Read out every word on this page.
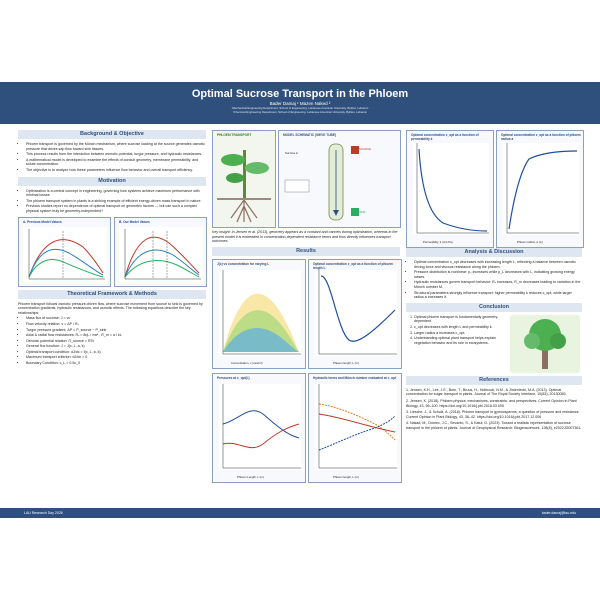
Optimal Sucrose Transport in the Phloem
Bader Damaj ¹ Mazen Naked ²
¹Mechanical Engineering Department, School of Engineering, Lebanese American University, Byblos, Lebanon
²Chemical Engineering Department, School of Engineering, Lebanese American University, Byblos, Lebanon
Background & Objective
• Phloem transport is governed by the Münch mechanism, where sucrose loading at the source generates osmotic pressure that drives sap flow toward sink tissues.
• This process results from the interaction between osmotic potential, turgor pressure, and hydraulic resistances.
• A mathematical model is developed to examine the effects of conduit geometry, membrane permeability, and solute concentration.
• The objective is to analyze how these parameters influence flow behavior and overall transport efficiency.
Motivation
• Optimization is a central concept in engineering, governing how systems achieve maximum performance with minimal losses.
• The phloem transport system in plants is a striking example of efficient energy-driven mass transport in nature.
• Previous studies report no dependence of optimal transport on geometric factors — but can such a complex physical system truly be geometry-independent?
A. Previous Model Values	B. Our Model Values
Theoretical Framework & Methods
Phloem transport follows osmotic pressure-driven flow, where sucrose movement from source to sink is governed by concentration gradients, hydraulic resistances, and osmotic effects. The following equations describe the key relationships:
• Mass flux of sucrose: J = vc
• Flow velocity relation: v = ΔP / Rₓ
• Turgor pressure gradient: ΔP = P_source − P_sink
• Axial & radial flow resistances: Rₓ = 8ηL / πa⁴ , R_m = a / kL
• Osmotic potential relation: Π_source = RTc
• General flux function: J = J(c, L, a, k)
• Optimal transport condition: dJ/dc = f(c, L, a, k)
• Maximum transport criterion: dJ/dc = 0
• Boundary Condition: c_L = 0.5c_0
PHLOEM TRANSPORT	MODEL SCHEMATIC (SIEVE TUBE)
SOURCE
SINK
Sucrose in
Key insight: In Jensen et al. (2013), geometry appears as a constant and cancels during optimization, whereas in the present model it is embedded in concentration-dependent resistance terms and thus directly influences transport outcomes.
Results
J(c) vs concentration for varying L
Concentration, c (mol/m³)
Optimal concentration c_opt as a function of phloem length L
Phloem length, L (m)
Pressures at c_opt(L)
Phloem Length, L (m)
Hydraulic terms and Münch number evaluated at c_opt
Phloem length, L (m)
Optimal concentration c_opt as a function of permeability k
Permeability, k (m/s·Pa)
Optimal concentration c_opt as a function of phloem radius a
Phloem radius, a (m)
Analysis & Discussion
• Optimal concentration c_opt decreases with increasing length L, reflecting a balance between osmotic driving force and viscous resistance along the phloem.
• Pressure distribution is nonlinear: p₀ increases while p_L decreases with L, indicating growing energy losses.
• Hydraulic resistances govern transport behavior: Rₓ increases, R_m decreases leading to variation in the Münch number M.
• Structural parameters strongly influence transport: higher permeability k reduces c_opt, while larger radius a increases it.
Conclusion
1. Optimal phloem transport is fundamentally geometry-dependent.
2. c_opt decreases with length L and permeability k.
3. Larger radius a increases c_opt.
4. Understanding optimal plant transport helps explain vegetation behavior and its role in ecosystems.
References
1. Jensen, K.H., Lee, J.E., Bohr, T., Bruus, H., Holbrook, N.M., & Zwieniecki, M.A. (2013). Optimal concentration for sugar transport in plants. Journal of The Royal Society Interface, 10(83), 20130055.
2. Jensen, K. (2018). Phloem physics: mechanisms, constraints, and perspectives. Current Opinion in Plant Biology, 43, 96–100. https://doi.org/10.1016/j.pbi.2018.03.005
3. Liesche, J., & Schulz, A. (2018). Phloem transport in gymnosperms: a question of pressure and resistance. Current Opinion in Plant Biology, 43, 36–42. https://doi.org/10.1016/j.pbi.2017.12.006
4. Nakad, M., Domec, J.C., Sevanto, S., & Katul, G. (2023). Toward a realistic representation of sucrose transport in the phloem of plants. Journal of Geophysical Research: Biogeosciences, 128(8), e2022JG007361.
LAU Research Day 2026	bader.damaj@lau.edu
